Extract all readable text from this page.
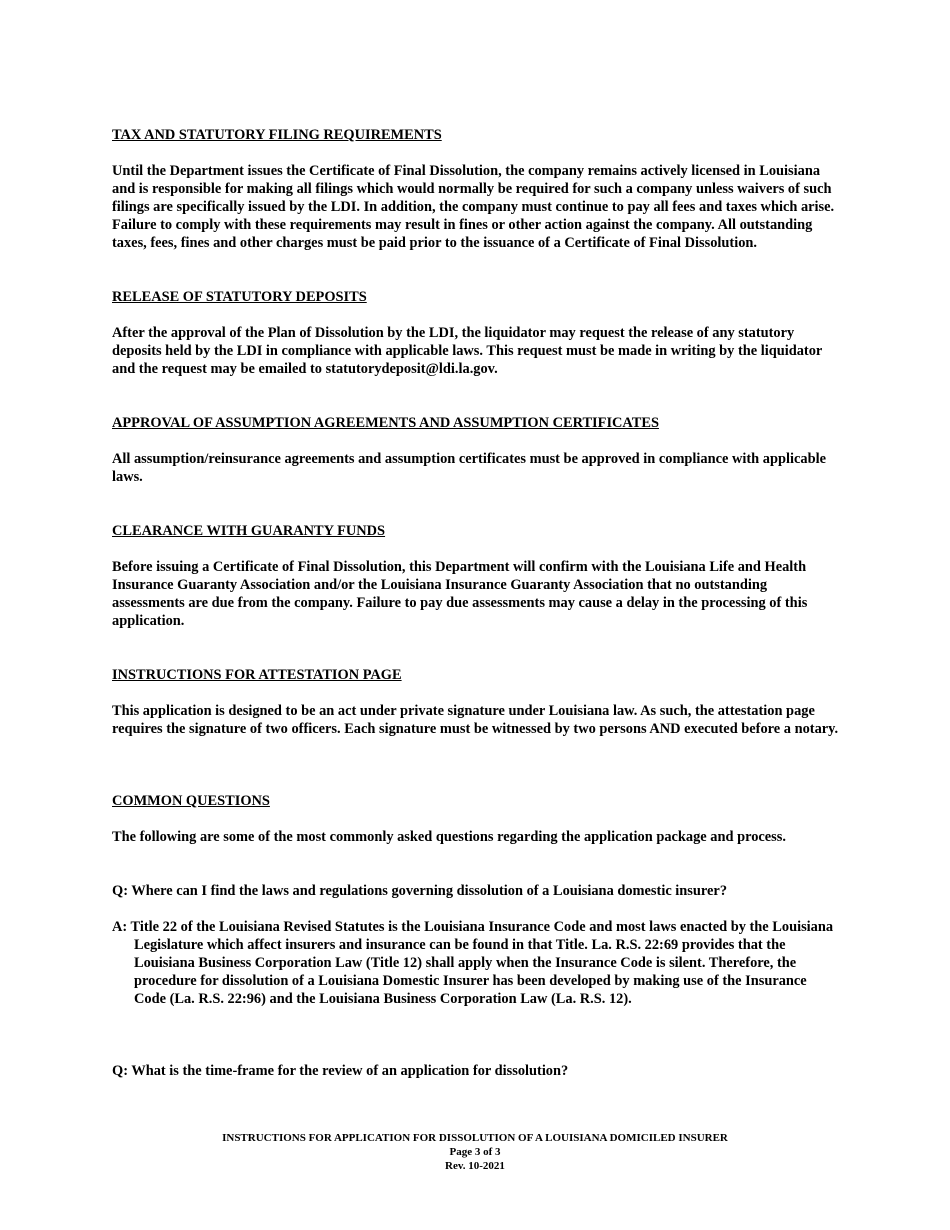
TAX AND STATUTORY FILING REQUIREMENTS

Until the Department issues the Certificate of Final Dissolution, the company remains actively licensed in Louisiana and is responsible for making all filings which would normally be required for such a company unless waivers of such filings are specifically issued by the LDI. In addition, the company must continue to pay all fees and taxes which arise. Failure to comply with these requirements may result in fines or other action against the company. All outstanding taxes, fees, fines and other charges must be paid prior to the issuance of a Certificate of Final Dissolution.

RELEASE OF STATUTORY DEPOSITS

After the approval of the Plan of Dissolution by the LDI, the liquidator may request the release of any statutory deposits held by the LDI in compliance with applicable laws. This request must be made in writing by the liquidator and the request may be emailed to statutorydeposit@ldi.la.gov.

APPROVAL OF ASSUMPTION AGREEMENTS AND ASSUMPTION CERTIFICATES

All assumption/reinsurance agreements and assumption certificates must be approved in compliance with applicable laws.

CLEARANCE WITH GUARANTY FUNDS

Before issuing a Certificate of Final Dissolution, this Department will confirm with the Louisiana Life and Health Insurance Guaranty Association and/or the Louisiana Insurance Guaranty Association that no outstanding assessments are due from the company. Failure to pay due assessments may cause a delay in the processing of this application.

INSTRUCTIONS FOR ATTESTATION PAGE

This application is designed to be an act under private signature under Louisiana law. As such, the attestation page requires the signature of two officers. Each signature must be witnessed by two persons AND executed before a notary.

COMMON QUESTIONS

The following are some of the most commonly asked questions regarding the application package and process.

Q: Where can I find the laws and regulations governing dissolution of a Louisiana domestic insurer?

A: Title 22 of the Louisiana Revised Statutes is the Louisiana Insurance Code and most laws enacted by the Louisiana Legislature which affect insurers and insurance can be found in that Title. La. R.S. 22:69 provides that the Louisiana Business Corporation Law (Title 12) shall apply when the Insurance Code is silent. Therefore, the procedure for dissolution of a Louisiana Domestic Insurer has been developed by making use of the Insurance Code (La. R.S. 22:96) and the Louisiana Business Corporation Law (La. R.S. 12).

Q: What is the time-frame for the review of an application for dissolution?

INSTRUCTIONS FOR APPLICATION FOR DISSOLUTION OF A LOUISIANA DOMICILED INSURER
Page 3 of 3
Rev. 10-2021
